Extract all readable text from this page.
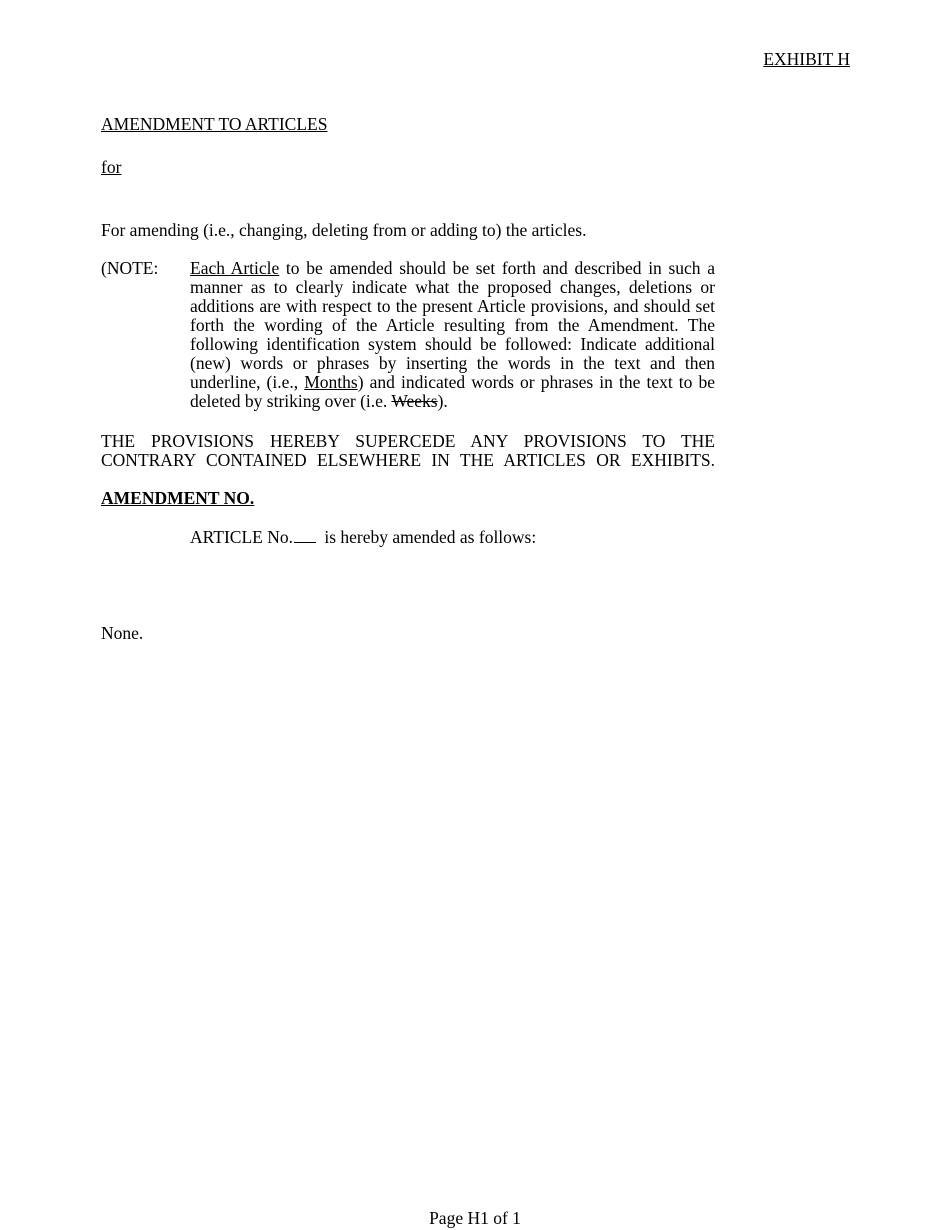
EXHIBIT H
AMENDMENT TO ARTICLES
for
For amending (i.e., changing, deleting from or adding to) the articles.
(NOTE: Each Article to be amended should be set forth and described in such a manner as to clearly indicate what the proposed changes, deletions or additions are with respect to the present Article provisions, and should set forth the wording of the Article resulting from the Amendment. The following identification system should be followed: Indicate additional (new) words or phrases by inserting the words in the text and then underline, (i.e., Months) and indicated words or phrases in the text to be deleted by striking over (i.e. Weeks).
THE PROVISIONS HEREBY SUPERCEDE ANY PROVISIONS TO THE
CONTRARY CONTAINED ELSEWHERE IN THE ARTICLES OR EXHIBITS.
AMENDMENT NO.
ARTICLE No. is hereby amended as follows:
None.
Page H1 of 1
